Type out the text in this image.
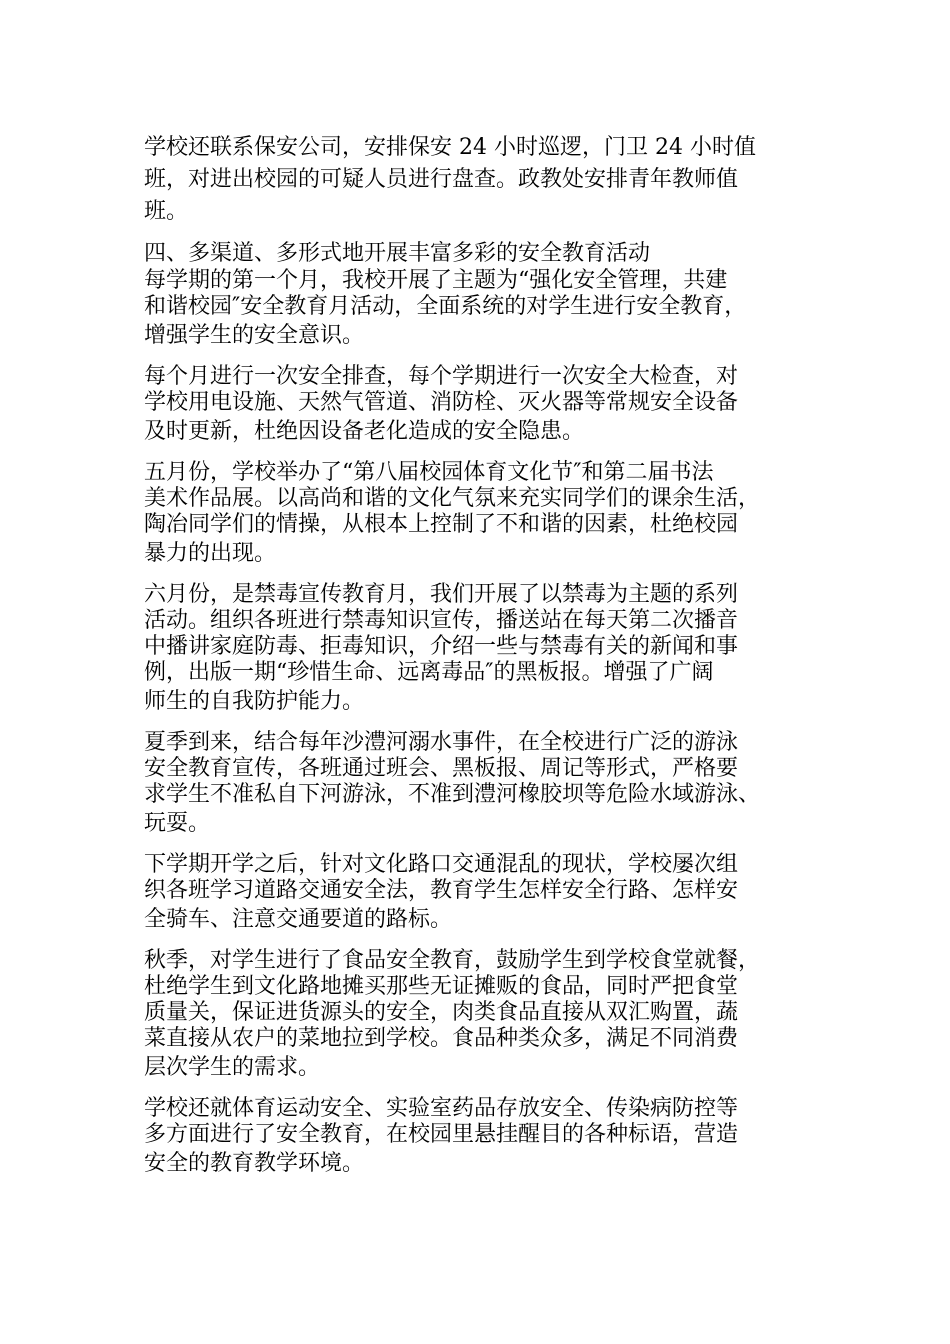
学校还联系保安公司，安排保安 24 小时巡逻，门卫 24 小时值
班，对进出校园的可疑人员进行盘查。政教处安排青年教师值
班。
四、多渠道、多形式地开展丰富多彩的安全教育活动
每学期的第一个月，我校开展了主题为“强化安全管理，共建
和谐校园″安全教育月活动，全面系统的对学生进行安全教育，
增强学生的安全意识。
每个月进行一次安全排查，每个学期进行一次安全大检查，对
学校用电设施、天然气管道、消防栓、灭火器等常规安全设备
及时更新，杜绝因设备老化造成的安全隐患。
五月份，学校举办了“第八届校园体育文化节″和第二届书法
美术作品展。以高尚和谐的文化气氛来充实同学们的课余生活，
陶冶同学们的情操，从根本上控制了不和谐的因素，杜绝校园
暴力的出现。
六月份，是禁毒宣传教育月，我们开展了以禁毒为主题的系列
活动。组织各班进行禁毒知识宣传，播送站在每天第二次播音
中播讲家庭防毒、拒毒知识，介绍一些与禁毒有关的新闻和事
例，出版一期“珍惜生命、远离毒品″的黑板报。增强了广阔
师生的自我防护能力。
夏季到来，结合每年沙澧河溺水事件，在全校进行广泛的游泳
安全教育宣传，各班通过班会、黑板报、周记等形式，严格要
求学生不准私自下河游泳，不准到澧河橡胶坝等危险水域游泳、
玩耍。
下学期开学之后，针对文化路口交通混乱的现状，学校屡次组
织各班学习道路交通安全法，教育学生怎样安全行路、怎样安
全骑车、注意交通要道的路标。
秋季，对学生进行了食品安全教育，鼓励学生到学校食堂就餐，
杜绝学生到文化路地摊买那些无证摊贩的食品，同时严把食堂
质量关，保证进货源头的安全，肉类食品直接从双汇购置，蔬
菜直接从农户的菜地拉到学校。食品种类众多，满足不同消费
层次学生的需求。
学校还就体育运动安全、实验室药品存放安全、传染病防控等
多方面进行了安全教育，在校园里悬挂醒目的各种标语，营造
安全的教育教学环境。
